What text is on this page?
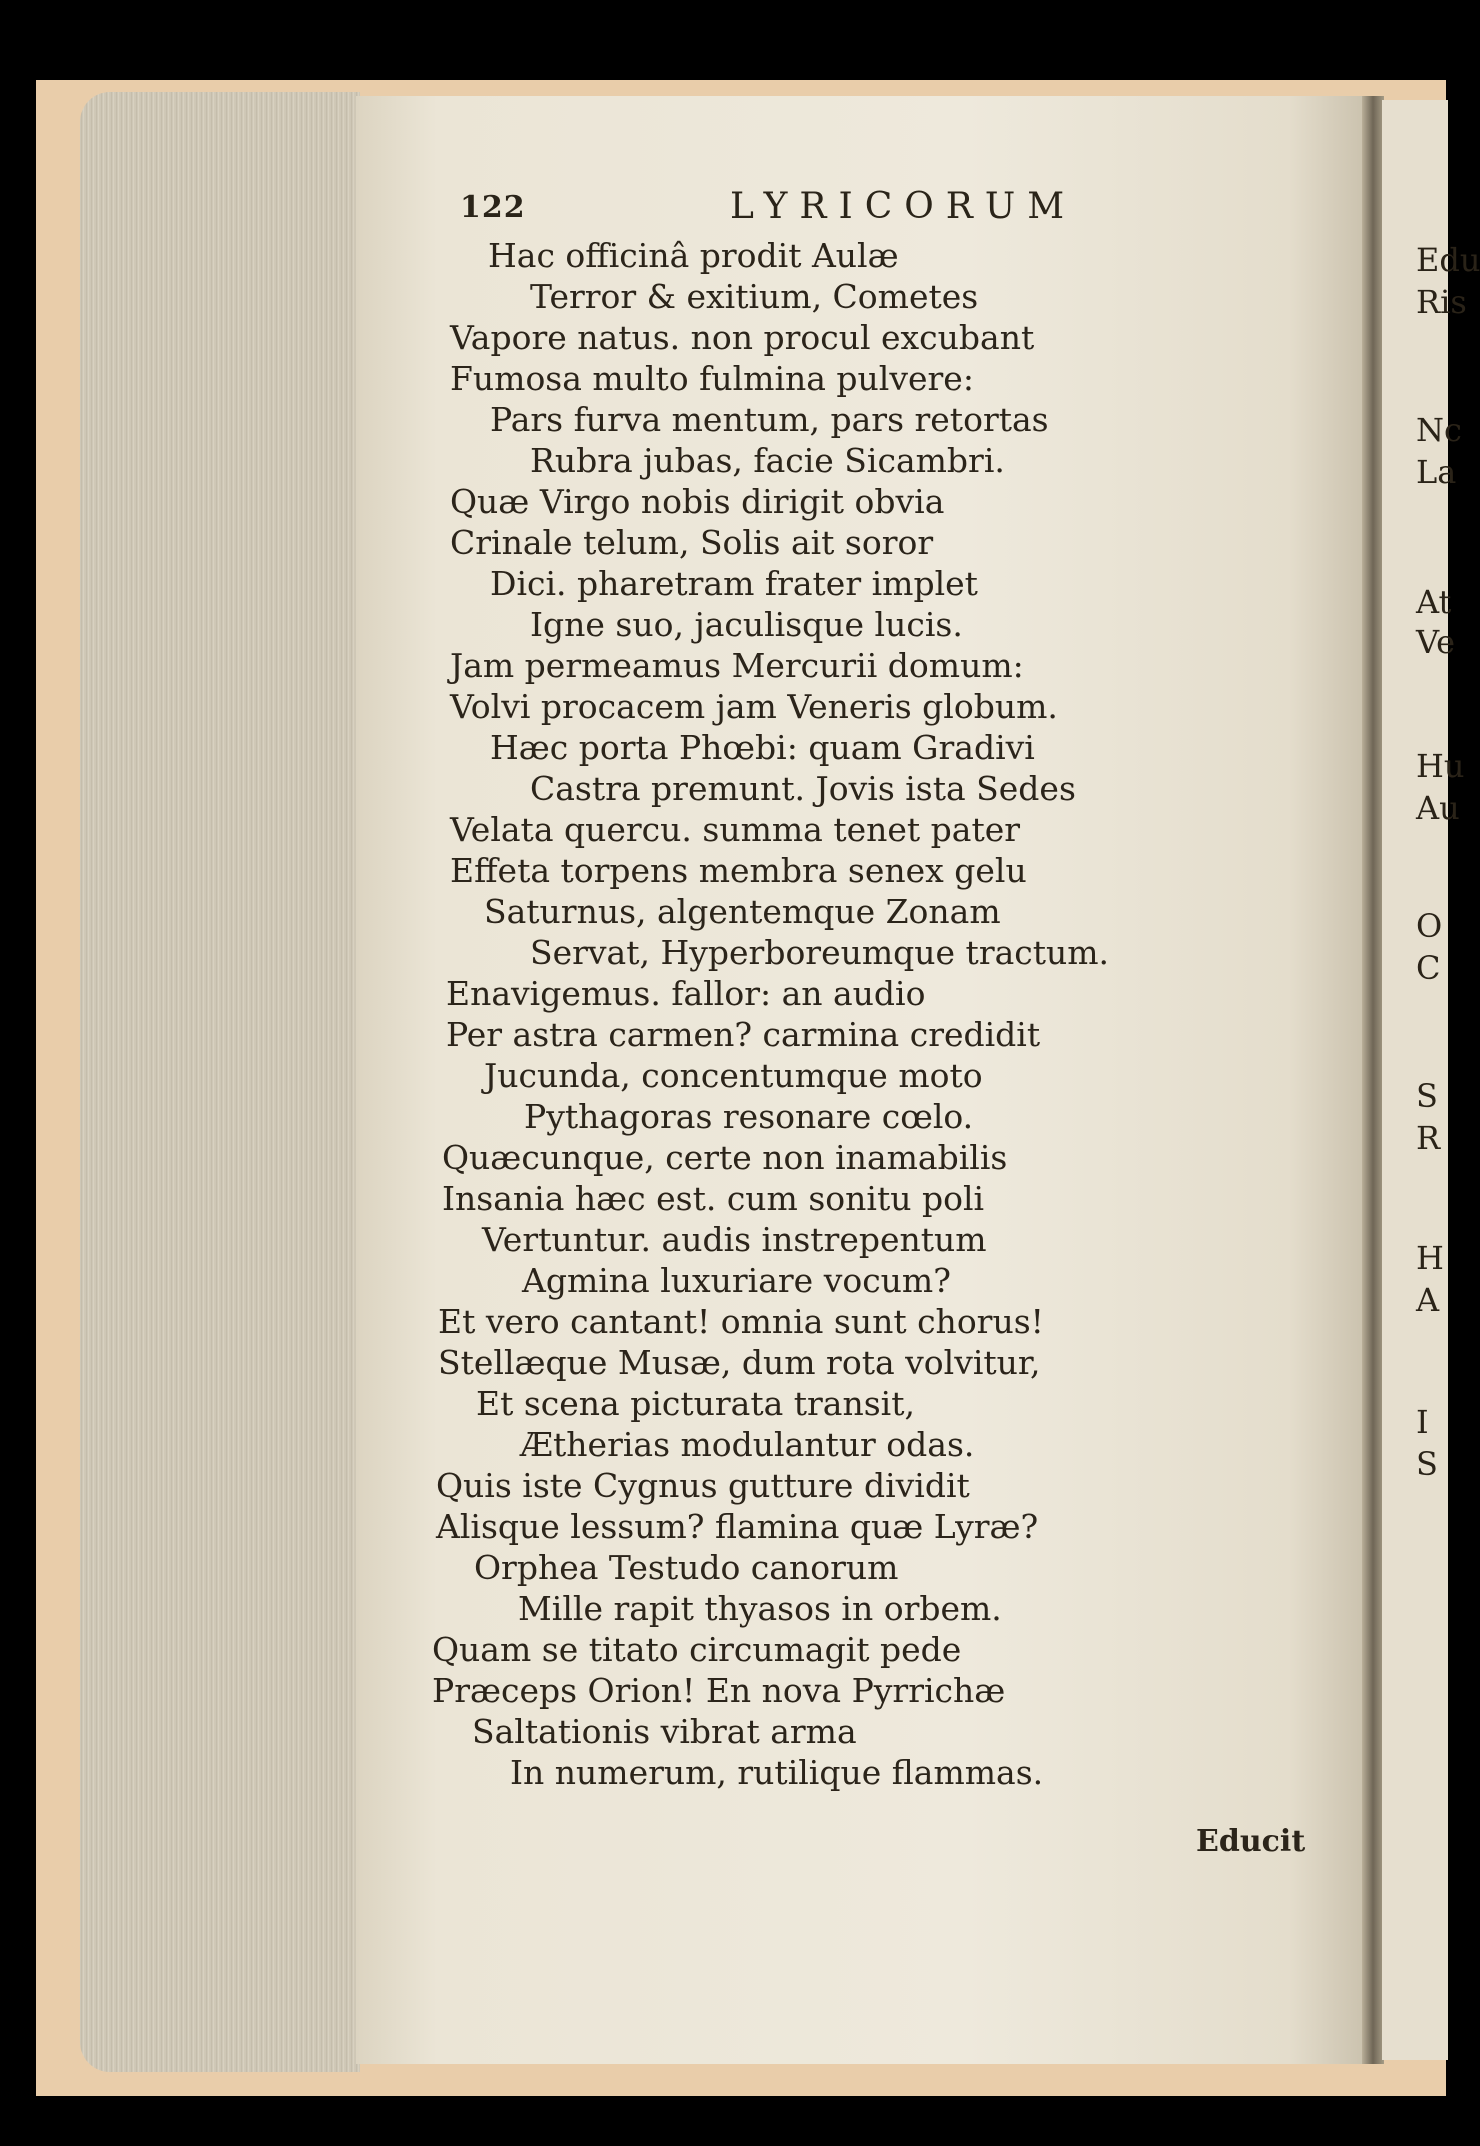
Edu
Ris
Nc
La
At
Ve
Hu
Au
O
C
S
R
H
A
I
S
122	LYRICORUM
Hac officinâ prodit Aulæ
Terror & exitium, Cometes
Vapore natus. non procul excubant
Fumosa multo fulmina pulvere:
Pars furva mentum, pars retortas
Rubra jubas, facie Sicambri.
Quæ Virgo nobis dirigit obvia
Crinale telum, Solis ait soror
Dici. pharetram frater implet
Igne suo, jaculisque lucis.
Jam permeamus Mercurii domum:
Volvi procacem jam Veneris globum.
Hæc porta Phœbi: quam Gradivi
Castra premunt. Jovis ista Sedes
Velata quercu. summa tenet pater
Effeta torpens membra senex gelu
Saturnus, algentemque Zonam
Servat, Hyperboreumque tractum.
Enavigemus. fallor: an audio
Per astra carmen? carmina credidit
Jucunda, concentumque moto
Pythagoras resonare cœlo.
Quæcunque, certe non inamabilis
Insania hæc est. cum sonitu poli
Vertuntur. audis instrepentum
Agmina luxuriare vocum?
Et vero cantant! omnia sunt chorus!
Stellæque Musæ, dum rota volvitur,
Et scena picturata transit,
Ætherias modulantur odas.
Quis iste Cygnus gutture dividit
Alisque lessum? flamina quæ Lyræ?
Orphea Testudo canorum
Mille rapit thyasos in orbem.
Quam se titato circumagit pede
Præceps Orion! En nova Pyrrichæ
Saltationis vibrat arma
In numerum, rutilique flammas.
Educit
